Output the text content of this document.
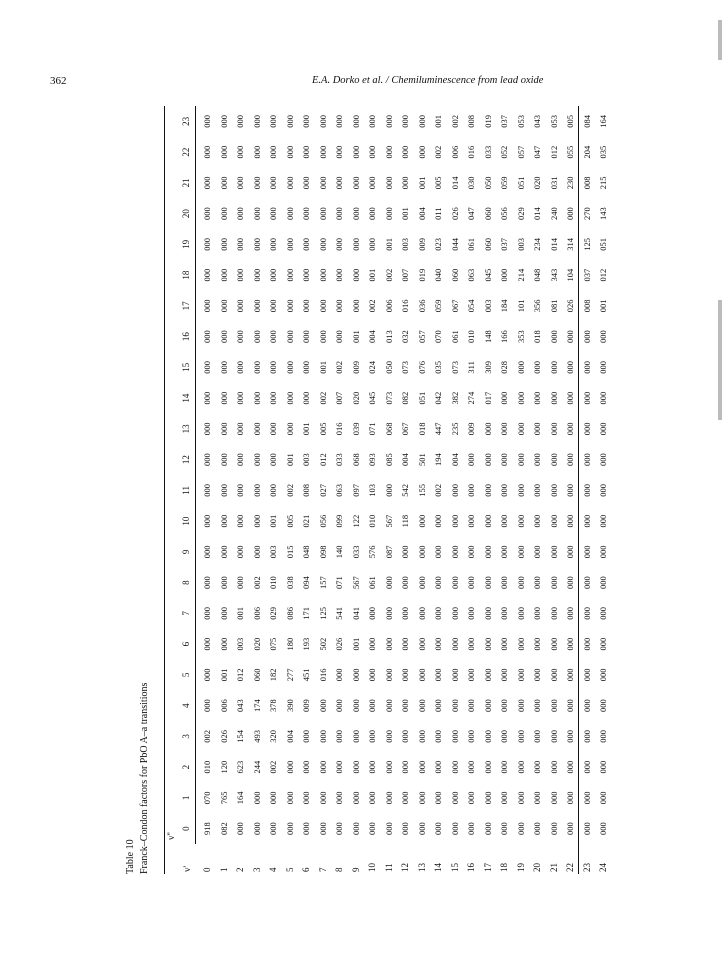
362	E.A. Dorko et al. / Chemiluminescence from lead oxide
Table 10 Franck–Condon factors for PbO A–a transitions v''
v'
0
1
2
3
4
5
6
7
8
9
10
11
12
13
14
15
16
17
18
19
20
21
22
23
0
918
070
010
002
000
000
000
000
000
000
000
000
000
000
000
000
000
000
000
000
000
000
000
000
1
082
765
120
026
006
001
000
000
000
000
000
000
000
000
000
000
000
000
000
000
000
000
000
000
2
000
164
623
154
043
012
003
001
000
000
000
000
000
000
000
000
000
000
000
000
000
000
000
000
3
000
000
244
493
174
060
020
006
002
000
000
000
000
000
000
000
000
000
000
000
000
000
000
000
4
000
000
002
320
378
182
075
029
010
003
001
000
000
000
000
000
000
000
000
000
000
000
000
000
5
000
000
000
004
390
277
180
086
038
015
005
002
001
000
000
000
000
000
000
000
000
000
000
000
6
000
000
000
000
009
451
193
171
094
048
021
008
003
001
000
000
000
000
000
000
000
000
000
000
7
000
000
000
000
000
016
502
125
157
098
056
027
012
005
002
001
000
000
000
000
000
000
000
000
8
000
000
000
000
000
000
026
541
071
140
099
063
033
016
007
002
000
000
000
000
000
000
000
000
9
000
000
000
000
000
000
001
041
567
033
122
097
068
039
020
009
001
000
000
000
000
000
000
000
10
000
000
000
000
000
000
000
000
061
576
010
103
093
071
045
024
004
002
001
000
000
000
000
000
11
000
000
000
000
000
000
000
000
000
087
567
000
085
068
073
050
013
006
002
001
000
000
000
000
12
000
000
000
000
000
000
000
000
000
000
118
542
004
067
082
073
032
016
007
003
001
000
000
000
13
000
000
000
000
000
000
000
000
000
000
000
155
501
018
051
076
057
036
019
009
004
001
000
000
14
000
000
000
000
000
000
000
000
000
000
000
002
194
447
042
035
070
059
040
023
011
005
002
001
15
000
000
000
000
000
000
000
000
000
000
000
000
004
235
382
073
061
067
060
044
026
014
006
002
16
000
000
000
000
000
000
000
000
000
000
000
000
000
009
274
311
010
054
063
061
047
030
016
008
17
000
000
000
000
000
000
000
000
000
000
000
000
000
000
017
309
148
003
045
060
060
050
033
019
18
000
000
000
000
000
000
000
000
000
000
000
000
000
000
000
028
166
184
000
037
056
059
052
037
19
000
000
000
000
000
000
000
000
000
000
000
000
000
000
000
000
353
101
214
003
029
051
057
053
20
000
000
000
000
000
000
000
000
000
000
000
000
000
000
000
000
018
356
048
234
014
020
047
043
21
000
000
000
000
000
000
000
000
000
000
000
000
000
000
000
000
000
081
343
014
240
031
012
053
22
000
000
000
000
000
000
000
000
000
000
000
000
000
000
000
000
000
026
104
314
000
230
055
005
23
000
000
000
000
000
000
000
000
000
000
000
000
000
000
000
000
000
008
037
125
270
008
204
084
24
000
000
000
000
000
000
000
000
000
000
000
000
000
000
000
000
000
001
012
051
143
215
035
164
